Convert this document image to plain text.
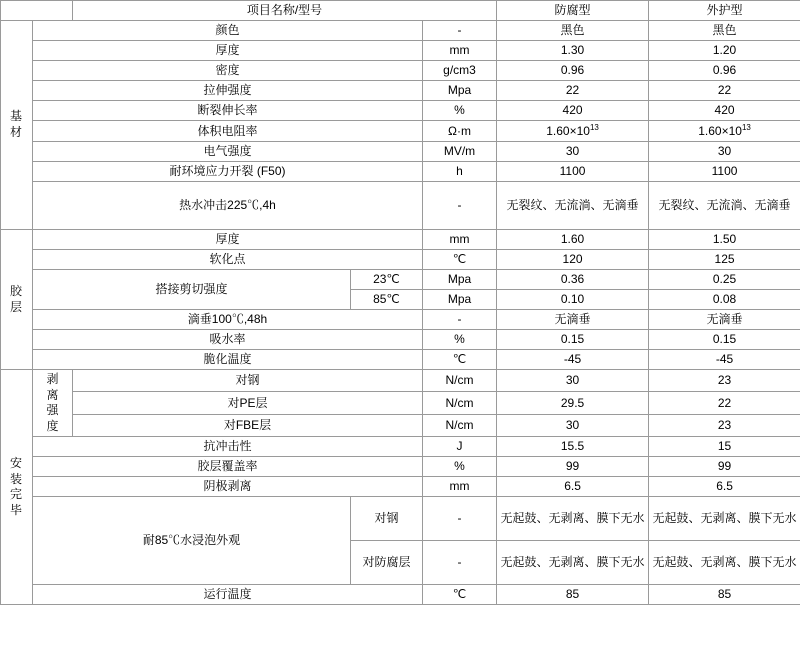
		项目名称/型号			防腐型	外护型
基材	颜色			-	黑色	黑色
	厚度			mm	1.30	1.20
	密度			g/cm3	0.96	0.96
	拉伸强度			Mpa	22	22
	断裂伸长率			%	420	420
	体积电阻率			Ω·m	$1.60\times 10^{13}$	$1.60\times 10^{13}$
	电气强度			MV/m	30	30
	耐环境应力开裂 (F50)			h	1100	1100
	热水冲击225℃,4h			-	无裂纹、无流淌、无滴垂	无裂纹、无流淌、无滴垂
胶层	厚度			mm	1.60	1.50
	软化点			℃	120	125
	搭接剪切强度		23℃	Mpa	0.36	0.25
			85℃	Mpa	0.10	0.08
	滴垂100℃,48h			-	无滴垂	无滴垂
	吸水率			%	0.15	0.15
	脆化温度			℃	-45	-45
安装完毕	剥离强度	对钢		N/cm	30	23
		对PE层		N/cm	29.5	22
		对FBE层		N/cm	30	23
	抗冲击性			J	15.5	15
	胶层覆盖率			%	99	99
	阴极剥离			mm	6.5	6.5
	耐85℃水浸泡外观		对钢	-	无起鼓、无剥离、膜下无水	无起鼓、无剥离、膜下无水
			对防腐层	-	无起鼓、无剥离、膜下无水	无起鼓、无剥离、膜下无水
	运行温度			℃	85	85
